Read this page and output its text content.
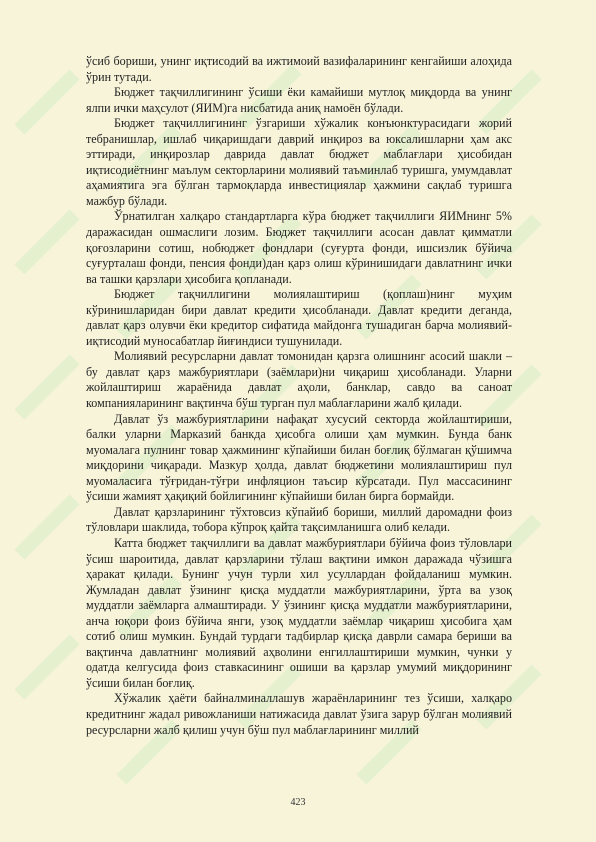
ўсиб бориши, унинг иқтисодий ва ижтимоий вазифаларининг кенгайиши алоҳида ўрин тутади.

Бюджет тақчиллигининг ўсиши ёки камайиши мутлоқ миқдорда ва унинг ялпи ички маҳсулот (ЯИМ)га нисбатида аниқ намоён бўлади.

Бюджет тақчиллигининг ўзгариши хўжалик конъюнктурасидаги жорий тебранишлар, ишлаб чиқаришдаги даврий инқироз ва юксалишларни ҳам акс эттиради, инқирозлар даврида давлат бюджет маблағлари ҳисобидан иқтисодиётнинг маълум секторларини молиявий таъминлаб туришга, умумдавлат аҳамиятига эга бўлган тармоқларда инвестициялар ҳажмини сақлаб туришга мажбур бўлади.

Ўрнатилган халқаро стандартларга кўра бюджет тақчиллиги ЯИМнинг 5% даражасидан ошмаслиги лозим. Бюджет тақчиллиги асосан давлат қимматли қоғозларини сотиш, нобюджет фондлари (суғурта фонди, ишсизлик бўйича суғурталаш фонди, пенсия фонди)дан қарз олиш кўринишидаги давлатнинг ички ва ташки қарзлари ҳисобига қопланади.

Бюджет тақчиллигини молиялаштириш (қоплаш)нинг муҳим кўринишларидан бири давлат кредити ҳисобланади. Давлат кредити деганда, давлат қарз олувчи ёки кредитор сифатида майдонга тушадиган барча молиявий-иқтисодий муносабатлар йиғиндиси тушунилади.

Молиявий ресурсларни давлат томонидан қарзга олишнинг асосий шакли – бу давлат қарз мажбуриятлари (заёмлари)ни чиқариш ҳисобланади. Уларни жойлаштириш жараёнида давлат аҳоли, банклар, савдо ва саноат компанияларининг вақтинча бўш турган пул маблағларини жалб қилади.

Давлат ўз мажбуриятларини нафақат хусусий секторда жойлаштириши, балки уларни Марказий банкда ҳисобга олиши ҳам мумкин. Бунда банк муомалага пулнинг товар ҳажмининг кўпайиши билан боғлиқ бўлмаган қўшимча миқдорини чиқаради. Мазкур ҳолда, давлат бюджетини молиялаштириш пул муомаласига тўғридан-тўғри инфляцион таъсир кўрсатади. Пул массасининг ўсиши жамият ҳақиқий бойлигининг кўпайиши билан бирга бормайди.

Давлат қарзларининг тўхтовсиз кўпайиб бориши, миллий даромадни фоиз тўловлари шаклида, тобора кўпроқ қайта тақсимланишга олиб келади.

Катта бюджет тақчиллиги ва давлат мажбуриятлари бўйича фоиз тўловлари ўсиш шароитида, давлат қарзларини тўлаш вақтини имкон даражада чўзишга ҳаракат қилади. Бунинг учун турли хил усуллардан фойдаланиш мумкин. Жумладан давлат ўзининг қисқа муддатли мажбуриятларини, ўрта ва узоқ муддатли заёмларга алмаштиради. У ўзининг қисқа муддатли мажбуриятларини, анча юқори фоиз бўйича янги, узоқ муддатли заёмлар чиқариш ҳисобига ҳам сотиб олиш мумкин. Бундай турдаги тадбирлар қисқа даврли самара бериши ва вақтинча давлатнинг молиявий аҳволини енгиллаштириши мумкин, чунки у одатда келгусида фоиз ставкасининг ошиши ва қарзлар умумий миқдорининг ўсиши билан боғлиқ.

Хўжалик ҳаёти байналминаллашув жараёнларининг тез ўсиши, халқаро кредитнинг жадал ривожланиши натижасида давлат ўзига зарур бўлган молиявий ресурсларни жалб қилиш учун бўш пул маблағларининг миллий

423
